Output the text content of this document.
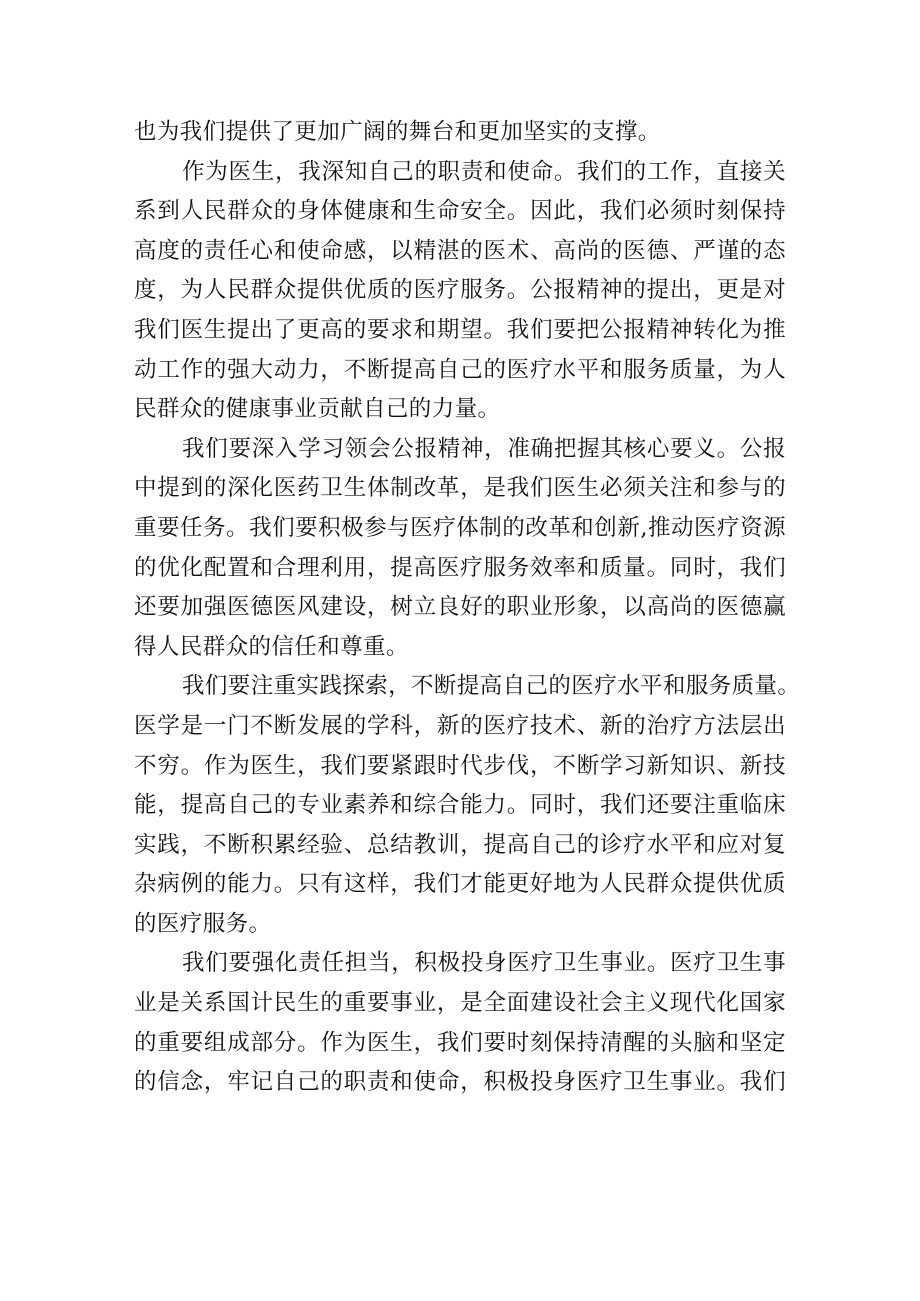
也为我们提供了更加广阔的舞台和更加坚实的支撑。
作为医生，我深知自己的职责和使命。我们的工作，直接关
系到人民群众的身体健康和生命安全。因此，我们必须时刻保持
高度的责任心和使命感，以精湛的医术、高尚的医德、严谨的态
度，为人民群众提供优质的医疗服务。公报精神的提出，更是对
我们医生提出了更高的要求和期望。我们要把公报精神转化为推
动工作的强大动力，不断提高自己的医疗水平和服务质量，为人
民群众的健康事业贡献自己的力量。
我们要深入学习领会公报精神，准确把握其核心要义。公报
中提到的深化医药卫生体制改革，是我们医生必须关注和参与的
重要任务。我们要积极参与医疗体制的改革和创新,推动医疗资源
的优化配置和合理利用，提高医疗服务效率和质量。同时，我们
还要加强医德医风建设，树立良好的职业形象，以高尚的医德赢
得人民群众的信任和尊重。
我们要注重实践探索，不断提高自己的医疗水平和服务质量。
医学是一门不断发展的学科，新的医疗技术、新的治疗方法层出
不穷。作为医生，我们要紧跟时代步伐，不断学习新知识、新技
能，提高自己的专业素养和综合能力。同时，我们还要注重临床
实践，不断积累经验、总结教训，提高自己的诊疗水平和应对复
杂病例的能力。只有这样，我们才能更好地为人民群众提供优质
的医疗服务。
我们要强化责任担当，积极投身医疗卫生事业。医疗卫生事
业是关系国计民生的重要事业，是全面建设社会主义现代化国家
的重要组成部分。作为医生，我们要时刻保持清醒的头脑和坚定
的信念，牢记自己的职责和使命，积极投身医疗卫生事业。我们
